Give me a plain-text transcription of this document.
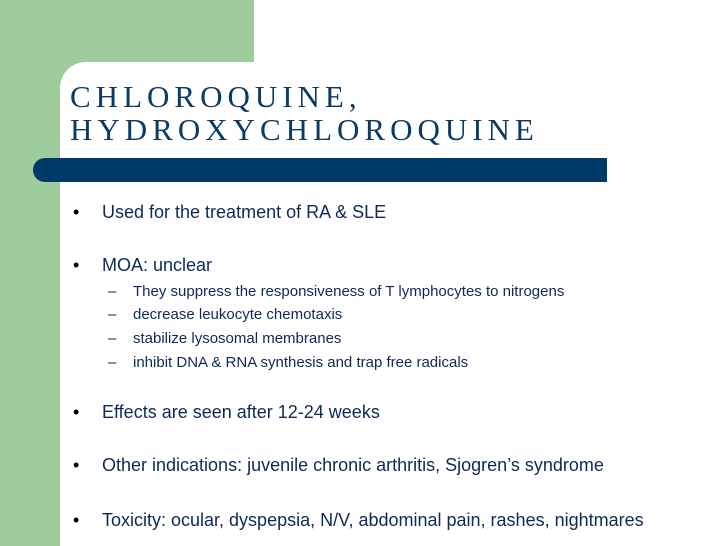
CHLOROQUINE,
HYDROXYCHLOROQUINE
• Used for the treatment of RA & SLE
• MOA: unclear
– They suppress the responsiveness of T lymphocytes to nitrogens
– decrease leukocyte chemotaxis
– stabilize lysosomal membranes
– inhibit DNA & RNA synthesis and trap free radicals
• Effects are seen after 12-24 weeks
• Other indications: juvenile chronic arthritis, Sjogren’s syndrome
• Toxicity: ocular, dyspepsia, N/V, abdominal pain, rashes, nightmares
